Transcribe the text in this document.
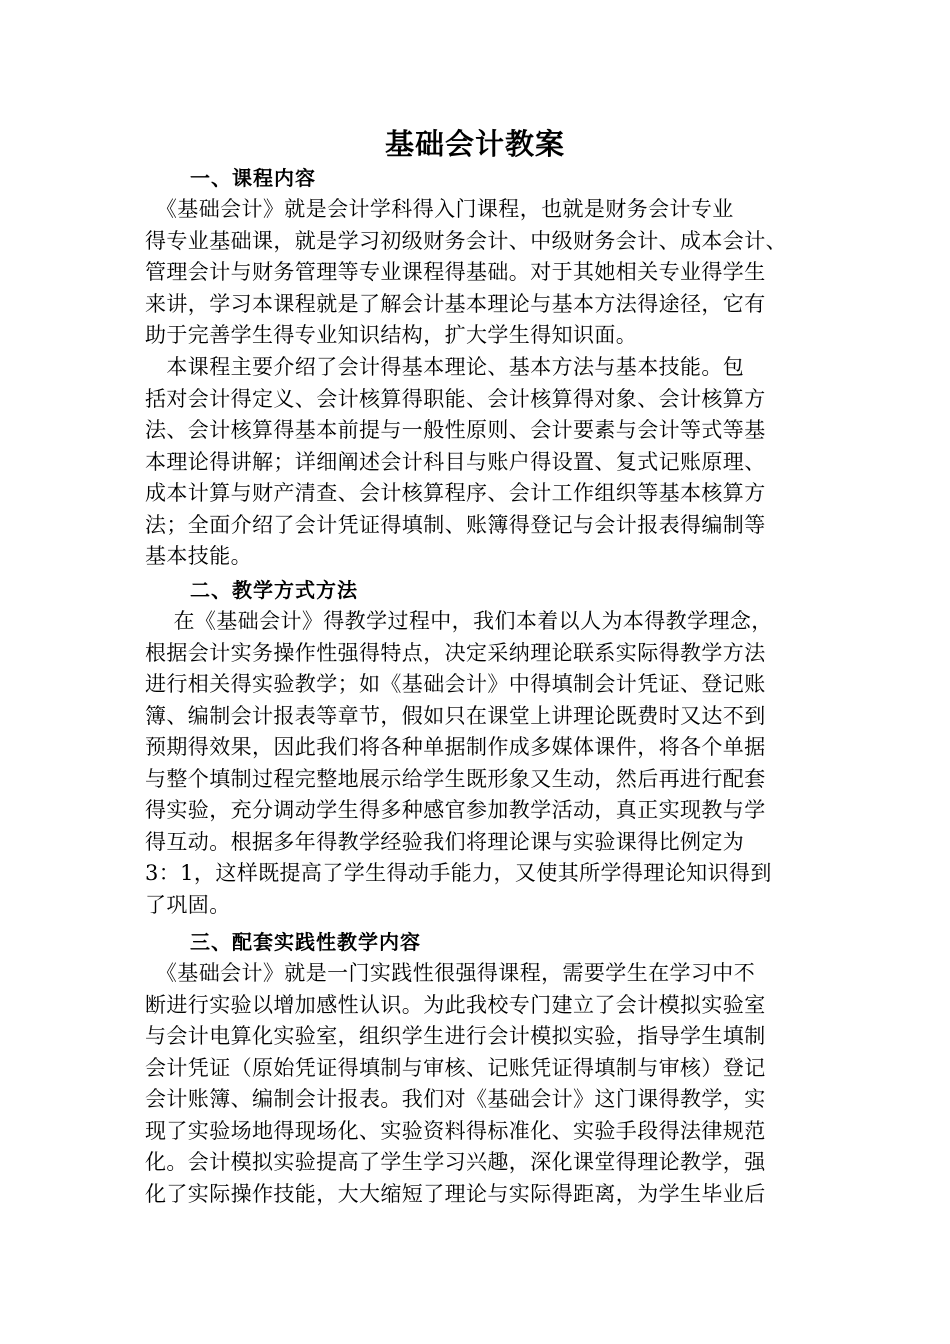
基础会计教案
一、课程内容
　《基础会计》就是会计学科得入门课程，也就是财务会计专业
得专业基础课，就是学习初级财务会计、中级财务会计、成本会计、
管理会计与财务管理等专业课程得基础。对于其她相关专业得学生
来讲，学习本课程就是了解会计基本理论与基本方法得途径，它有
助于完善学生得专业知识结构，扩大学生得知识面。
　本课程主要介绍了会计得基本理论、基本方法与基本技能。包
括对会计得定义、会计核算得职能、会计核算得对象、会计核算方
法、会计核算得基本前提与一般性原则、会计要素与会计等式等基
本理论得讲解；详细阐述会计科目与账户得设置、复式记账原理、
成本计算与财产清查、会计核算程序、会计工作组织等基本核算方
法；全面介绍了会计凭证得填制、账簿得登记与会计报表得编制等
基本技能。
二、教学方式方法
　 在《基础会计》得教学过程中，我们本着以人为本得教学理念，
根据会计实务操作性强得特点，决定采纳理论联系实际得教学方法
进行相关得实验教学；如《基础会计》中得填制会计凭证、登记账
簿、编制会计报表等章节，假如只在课堂上讲理论既费时又达不到
预期得效果，因此我们将各种单据制作成多媒体课件，将各个单据
与整个填制过程完整地展示给学生既形象又生动，然后再进行配套
得实验，充分调动学生得多种感官参加教学活动，真正实现教与学
得互动。根据多年得教学经验我们将理论课与实验课得比例定为
3：1，这样既提高了学生得动手能力，又使其所学得理论知识得到
了巩固。
三、配套实践性教学内容
　《基础会计》就是一门实践性很强得课程，需要学生在学习中不
断进行实验以增加感性认识。为此我校专门建立了会计模拟实验室
与会计电算化实验室，组织学生进行会计模拟实验，指导学生填制
会计凭证（原始凭证得填制与审核、记账凭证得填制与审核）登记
会计账簿、编制会计报表。我们对《基础会计》这门课得教学，实
现了实验场地得现场化、实验资料得标准化、实验手段得法律规范
化。会计模拟实验提高了学生学习兴趣，深化课堂得理论教学，强
化了实际操作技能，大大缩短了理论与实际得距离，为学生毕业后
